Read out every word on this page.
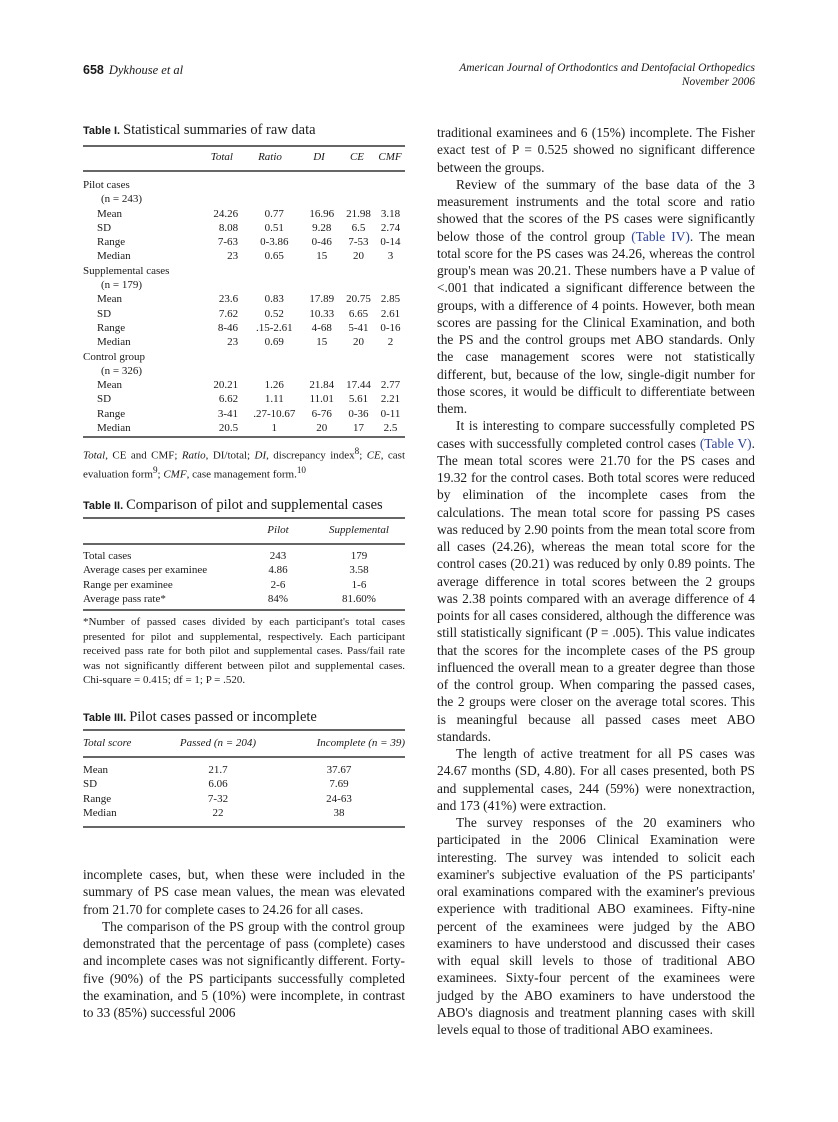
658 Dykhouse et al	American Journal of Orthodontics and Dentofacial Orthopedics
November 2006
Table I. Statistical summaries of raw data
	Total	Ratio	DI	CE	CMF
Pilot cases					
(n = 243)					
Mean	24.26	0.77	16.96	21.98	3.18
SD	8.08	0.51	9.28	6.5	2.74
Range	7-63	0-3.86	0-46	7-53	0-14
Median	23	0.65	15	20	3
Supplemental cases					
(n = 179)					
Mean	23.6	0.83	17.89	20.75	2.85
SD	7.62	0.52	10.33	6.65	2.61
Range	8-46	.15-2.61	4-68	5-41	0-16
Median	23	0.69	15	20	2
Control group					
(n = 326)					
Mean	20.21	1.26	21.84	17.44	2.77
SD	6.62	1.11	11.01	5.61	2.21
Range	3-41	.27-10.67	6-76	0-36	0-11
Median	20.5	1	20	17	2.5
Total, CE and CMF; Ratio, DI/total; DI, discrepancy index$^8$; CE, cast evaluation form$^9$; CMF, case management form.$^{10}$
Table II. Comparison of pilot and supplemental cases
	Pilot	Supplemental
Total cases	243	179
Average cases per examinee	4.86	3.58
Range per examinee	2-6	1-6
Average pass rate*	84%	81.60%
*Number of passed cases divided by each participant's total cases presented for pilot and supplemental, respectively. Each participant received pass rate for both pilot and supplemental cases. Pass/fail rate was not significantly different between pilot and supplemental cases. Chi-square = 0.415; df = 1; P = .520.
Table III. Pilot cases passed or incomplete
Total score	Passed (n = 204)	Incomplete (n = 39)
Mean	21.7	37.67
SD	6.06	7.69
Range	7-32	24-63
Median	22	38

incomplete cases, but, when these were included in the summary of PS case mean values, the mean was elevated from 21.70 for complete cases to 24.26 for all cases.

The comparison of the PS group with the control group demonstrated that the percentage of pass (complete) cases and incomplete cases was not significantly different. Forty-five (90%) of the PS participants successfully completed the examination, and 5 (10%) were incomplete, in contrast to 33 (85%) successful 2006

traditional examinees and 6 (15%) incomplete. The Fisher exact test of P = 0.525 showed no significant difference between the groups.

Review of the summary of the base data of the 3 measurement instruments and the total score and ratio showed that the scores of the PS cases were significantly below those of the control group (Table IV). The mean total score for the PS cases was 24.26, whereas the control group's mean was 20.21. These numbers have a P value of <.001 that indicated a significant difference between the groups, with a difference of 4 points. However, both mean scores are passing for the Clinical Examination, and both the PS and the control groups met ABO standards. Only the case management scores were not statistically different, but, because of the low, single-digit number for those scores, it would be difficult to differentiate between them.

It is interesting to compare successfully completed PS cases with successfully completed control cases (Table V). The mean total scores were 21.70 for the PS cases and 19.32 for the control cases. Both total scores were reduced by elimination of the incomplete cases from the calculations. The mean total score for passing PS cases was reduced by 2.90 points from the mean total score from all cases (24.26), whereas the mean total score for the control cases (20.21) was reduced by only 0.89 points. The average difference in total scores between the 2 groups was 2.38 points compared with an average difference of 4 points for all cases considered, although the difference was still statistically significant (P = .005). This value indicates that the scores for the incomplete cases of the PS group influenced the overall mean to a greater degree than those of the control group. When comparing the passed cases, the 2 groups were closer on the average total scores. This is meaningful because all passed cases meet ABO standards.

The length of active treatment for all PS cases was 24.67 months (SD, 4.80). For all cases presented, both PS and supplemental cases, 244 (59%) were nonextraction, and 173 (41%) were extraction.

The survey responses of the 20 examiners who participated in the 2006 Clinical Examination were interesting. The survey was intended to solicit each examiner's subjective evaluation of the PS participants' oral examinations compared with the examiner's previous experience with traditional ABO examinees. Fifty-nine percent of the examinees were judged by the ABO examiners to have understood and discussed their cases with equal skill levels to those of traditional ABO examinees. Sixty-four percent of the examinees were judged by the ABO examiners to have understood the ABO's diagnosis and treatment planning cases with skill levels equal to those of traditional ABO examinees.
